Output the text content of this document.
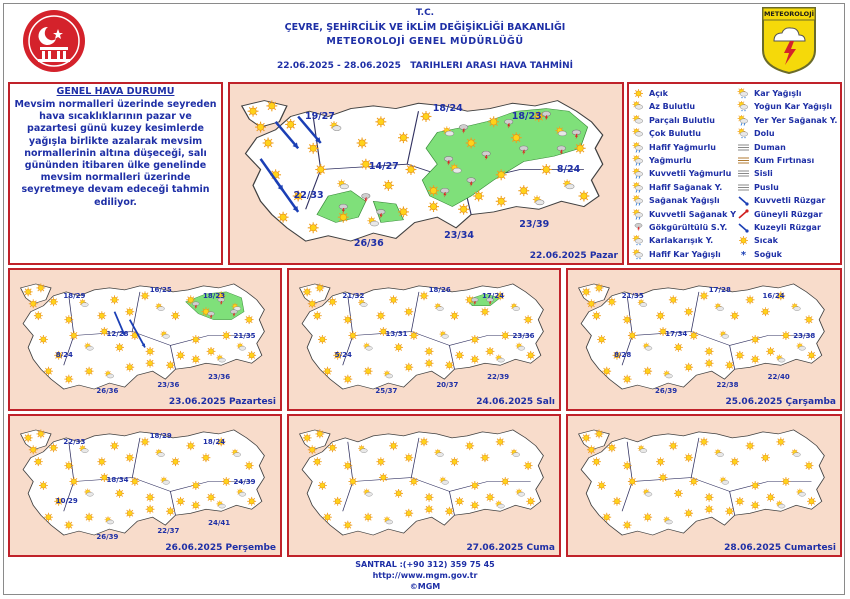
METEOROLOJİ
T.C.
ÇEVRE, ŞEHİRCİLİK VE İKLİM DEĞİŞİKLİĞİ BAKANLIĞI
METEOROLOJİ GENEL MÜDÜRLÜĞÜ
22.06.2025 - 28.06.2025   TARIHLERI ARASI HAVA TAHMİNİ
GENEL HAVA DURUMU
Mevsim normalleri üzerinde seyreden hava sıcaklıklarının pazar ve pazartesi günü kuzey kesimlerde yağışla birlikte azalarak mevsim normallerinin altına düşeceği, salı gününden itibaren ülke genelinde mevsim normalleri üzerinde seyretmeye devam edeceği tahmin ediliyor.
19/27
18/24
18/23
14/27
22/33
8/24
23/34
23/39
26/36
22.06.2025 Pazar
18/29
16/25
18/23
12/28
8/24
21/35
23/36
23/36
26/36
23.06.2025 Pazartesi
21/32
18/26
17/24
13/31
5/24
23/36
20/37
22/39
25/37
24.06.2025 Salı
21/35
17/28
16/24
17/34
8/28
23/38
22/38
22/40
26/39
25.06.2025 Çarşamba
22/33
18/29
18/24
18/34
10/29
24/39
22/37
24/41
26/39
26.06.2025 Perşembe	27.06.2025 Cuma	28.06.2025 Cumartesi
Açık
Az Bulutlu
Parçalı Bulutlu
Çok Bulutlu
Hafif Yağmurlu
Yağmurlu
Kuvvetli Yağmurlu
Hafif Sağanak Y.
Sağanak Yağışlı
Kuvvetli Sağanak Y
Gökgürültülü S.Y.
Karlakarışık Y.
Hafif Kar Yağışlı
Kar Yağışlı
Yoğun Kar Yağışlı
Yer Yer Sağanak Y.
Dolu
Duman
Kum Fırtınası
Sisli
Puslu
Kuvvetli Rüzgar
Güneyli Rüzgar
Kuzeyli Rüzgar
Sıcak
* Soğuk
SANTRAL :(+90 312) 359 75 45
http://www.mgm.gov.tr
©MGM
